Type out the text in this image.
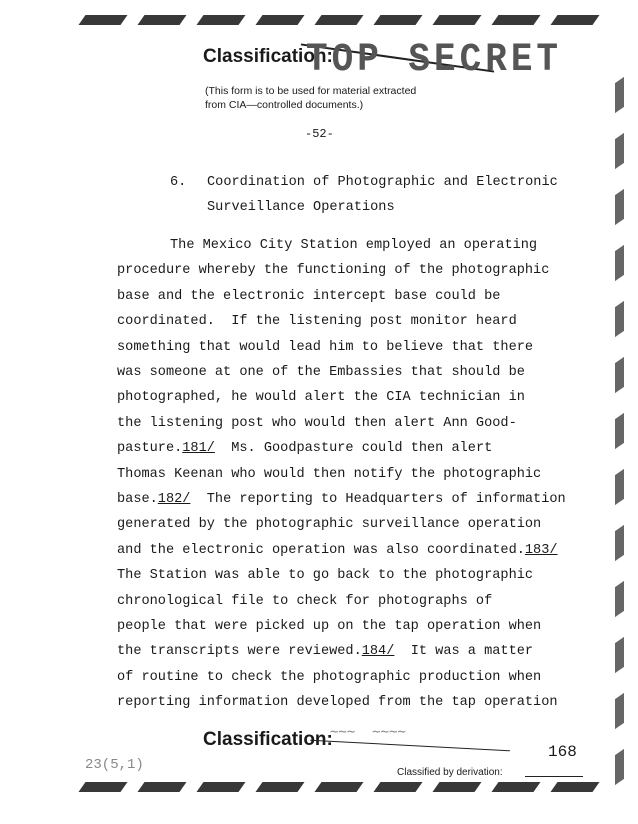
Classification:
TOP SECRET
(This form is to be used for material extracted
from CIA—controlled documents.)
-52-
6. Coordination of Photographic and Electronic
Surveillance Operations
The Mexico City Station employed an operating
procedure whereby the functioning of the photographic
base and the electronic intercept base could be
coordinated.  If the listening post monitor heard
something that would lead him to believe that there
was someone at one of the Embassies that should be
photographed, he would alert the CIA technician in
the listening post who would then alert Ann Good-
pasture.181/  Ms. Goodpasture could then alert
Thomas Keenan who would then notify the photographic
base.182/  The reporting to Headquarters of information
generated by the photographic surveillance operation
and the electronic operation was also coordinated.183/
The Station was able to go back to the photographic
chronological file to check for photographs of
people that were picked up on the tap operation when
the transcripts were reviewed.184/  It was a matter
of routine to check the photographic production when
reporting information developed from the tap operation
Classification:
∼∼∼  ∼∼∼∼
23(5,1)	Classified by derivation:
168
